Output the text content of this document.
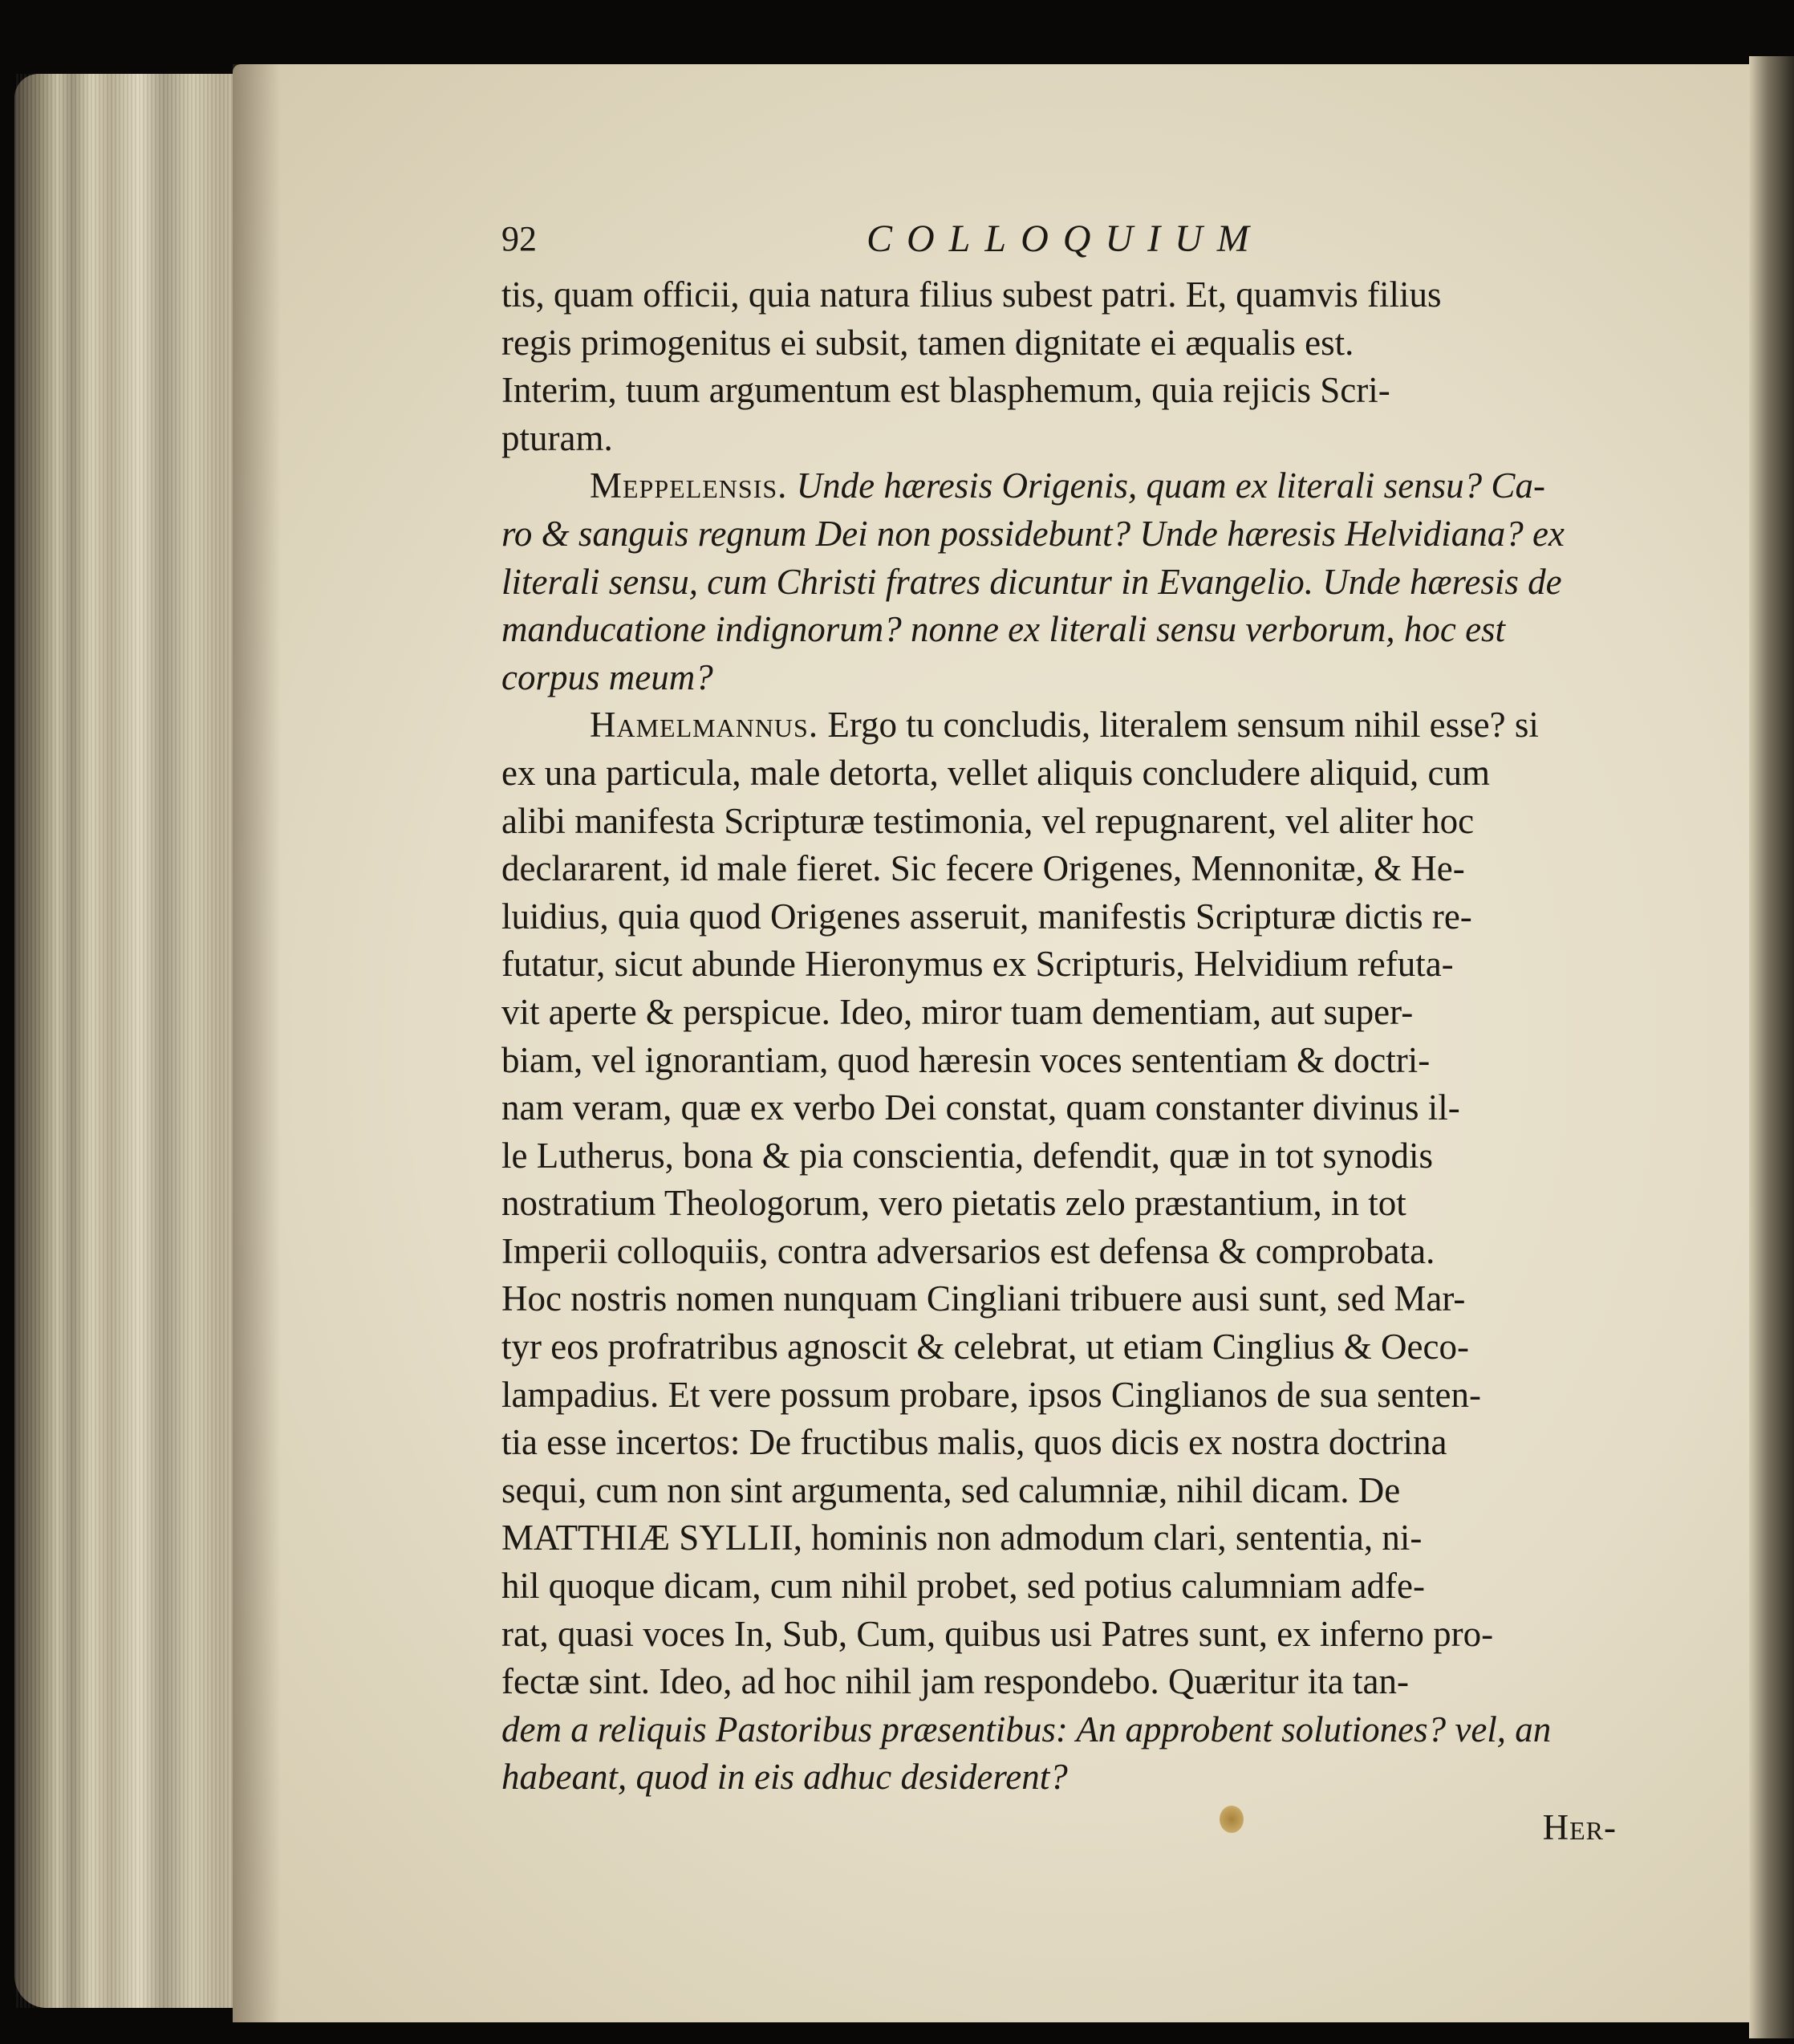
92	COLLOQUIUM

tis, quam officii, quia natura filius subest patri. Et, quamvis filius
regis primogenitus ei subsit, tamen dignitate ei æqualis est.
Interim, tuum argumentum est blasphemum, quia rejicis Scri-
pturam.

Meppelensis. Unde hæresis Origenis, quam ex literali sensu? Ca-
ro & sanguis regnum Dei non possidebunt? Unde hæresis Helvidiana? ex
literali sensu, cum Christi fratres dicuntur in Evangelio. Unde hæresis de
manducatione indignorum? nonne ex literali sensu verborum, hoc est
corpus meum?

Hamelmannus. Ergo tu concludis, literalem sensum nihil esse? si
ex una particula, male detorta, vellet aliquis concludere aliquid, cum
alibi manifesta Scripturæ testimonia, vel repugnarent, vel aliter hoc
declararent, id male fieret. Sic fecere Origenes, Mennonitæ, & He-
luidius, quia quod Origenes asseruit, manifestis Scripturæ dictis re-
futatur, sicut abunde Hieronymus ex Scripturis, Helvidium refuta-
vit aperte & perspicue. Ideo, miror tuam dementiam, aut super-
biam, vel ignorantiam, quod hæresin voces sententiam & doctri-
nam veram, quæ ex verbo Dei constat, quam constanter divinus il-
le Lutherus, bona & pia conscientia, defendit, quæ in tot synodis
nostratium Theologorum, vero pietatis zelo præstantium, in tot
Imperii colloquiis, contra adversarios est defensa & comprobata.
Hoc nostris nomen nunquam Cingliani tribuere ausi sunt, sed Mar-
tyr eos profratribus agnoscit & celebrat, ut etiam Cinglius & Oeco-
lampadius. Et vere possum probare, ipsos Cinglianos de sua senten-
tia esse incertos: De fructibus malis, quos dicis ex nostra doctrina
sequi, cum non sint argumenta, sed calumniæ, nihil dicam. De
MATTHIÆ SYLLII, hominis non admodum clari, sententia, ni-
hil quoque dicam, cum nihil probet, sed potius calumniam adfe-
rat, quasi voces In, Sub, Cum, quibus usi Patres sunt, ex inferno pro-
fectæ sint. Ideo, ad hoc nihil jam respondebo. Quæritur ita tan-
dem a reliquis Pastoribus præsentibus: An approbent solutiones? vel, an
habeant, quod in eis adhuc desiderent?

Her-
